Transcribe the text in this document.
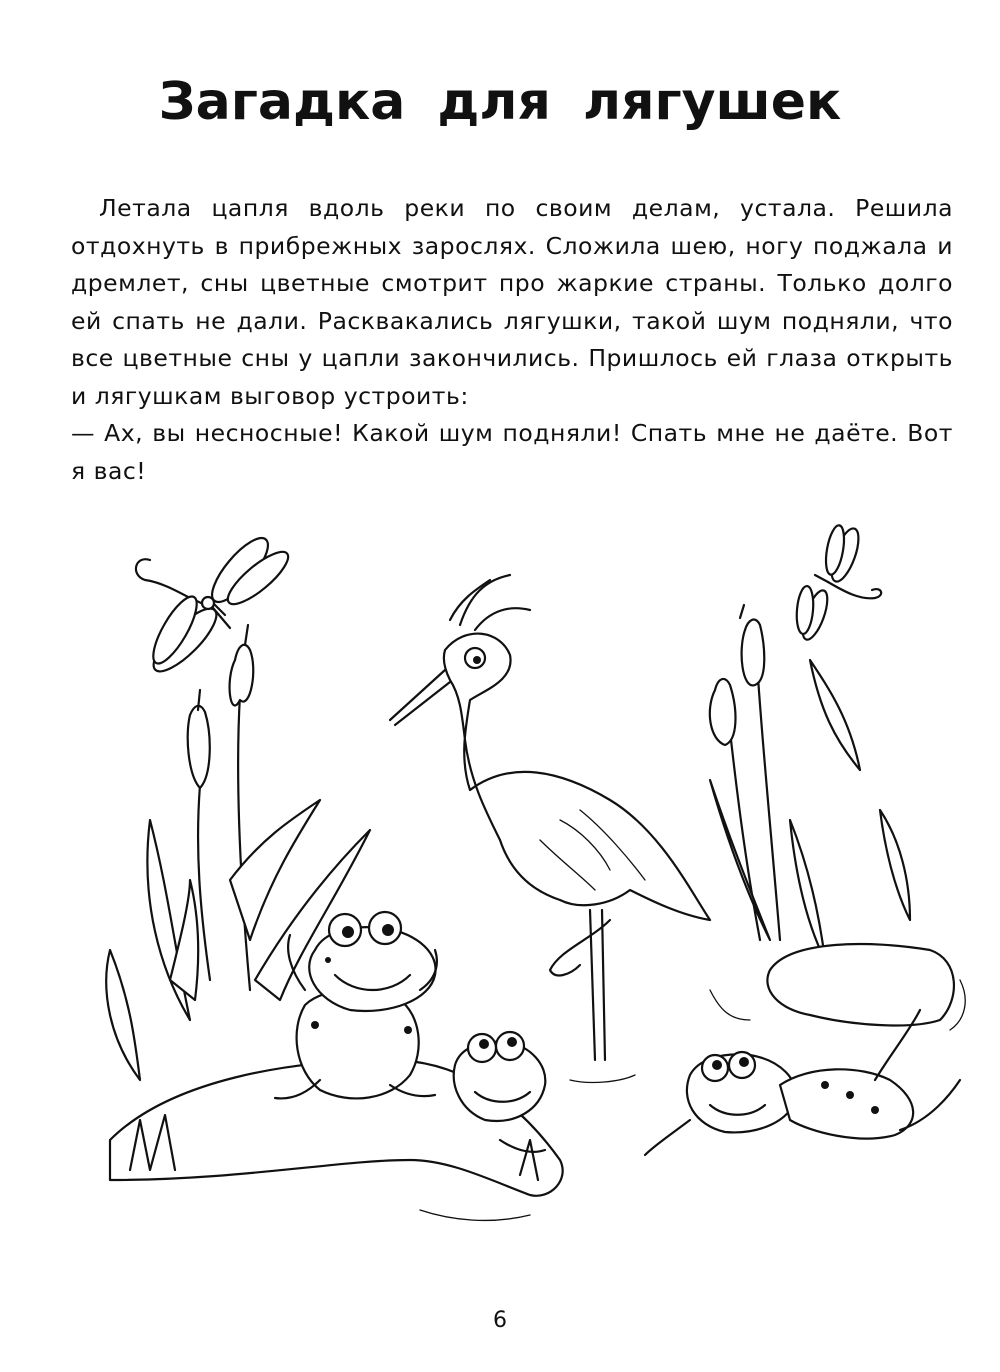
Загадка для лягушек

Летала цапля вдоль реки по своим делам, устала. Решила отдохнуть в прибрежных зарослях. Сложила шею, ногу поджала и дремлет, сны цветные смотрит про жаркие страны. Только долго ей спать не дали. Расквакались лягушки, такой шум подняли, что все цветные сны у цапли закончились. Пришлось ей глаза открыть и лягушкам выговор устроить:

— Ах, вы несносные! Какой шум подняли! Спать мне не даёте. Вот я вас!

6
